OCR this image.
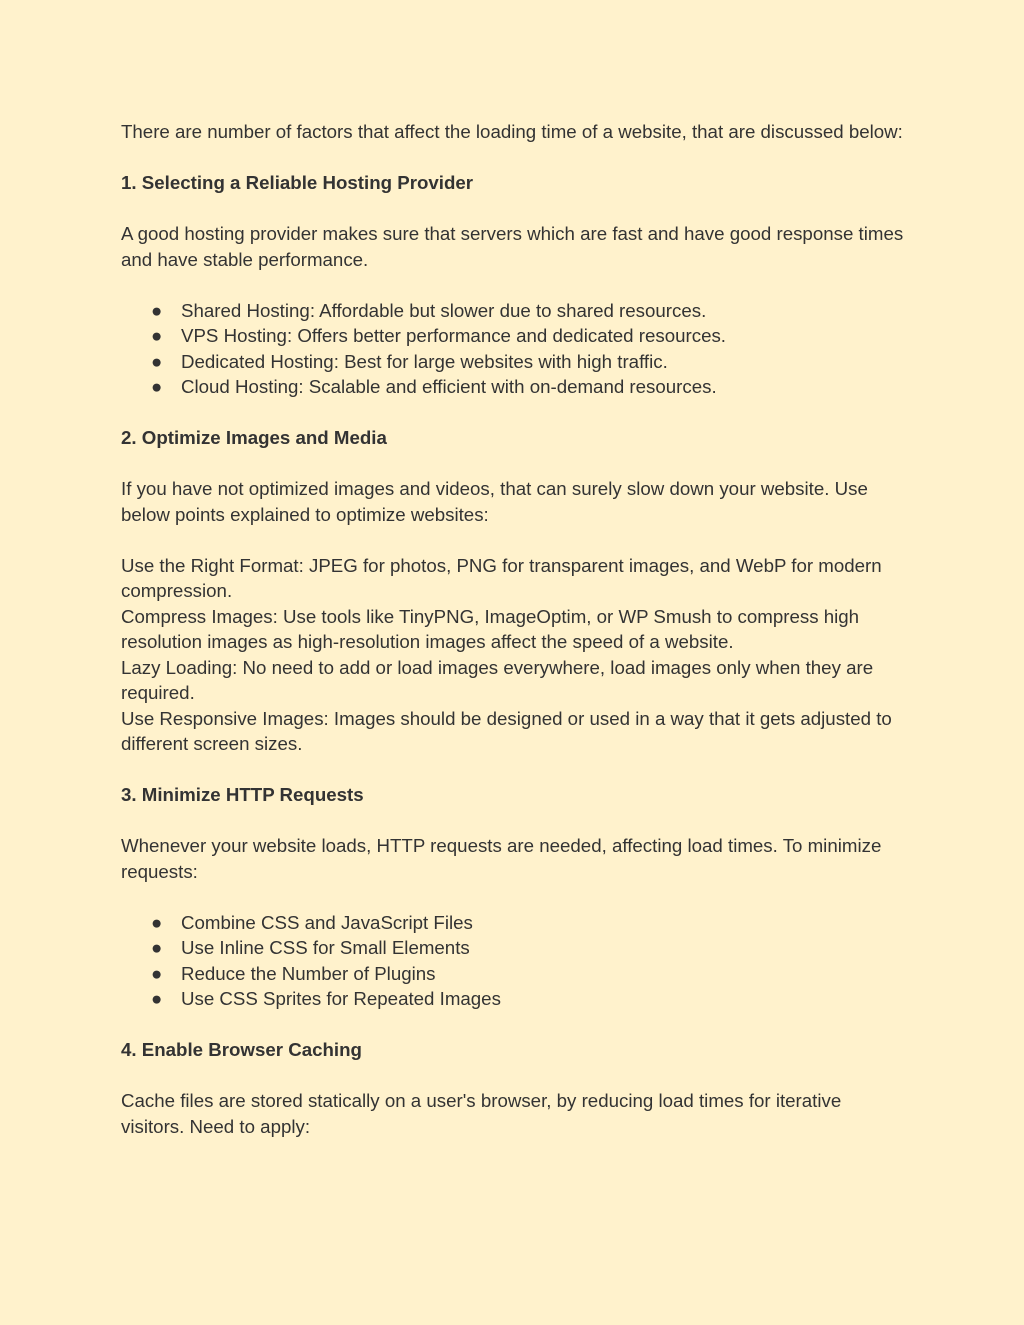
There are number of factors that affect the loading time of a website, that are discussed below:

1. Selecting a Reliable Hosting Provider

A good hosting provider makes sure that servers which are fast and have good response times and have stable performance.

●	Shared Hosting: Affordable but slower due to shared resources.
●	VPS Hosting: Offers better performance and dedicated resources.
●	Dedicated Hosting: Best for large websites with high traffic.
●	Cloud Hosting: Scalable and efficient with on-demand resources.

2. Optimize Images and Media

If you have not optimized images and videos, that can surely slow down your website. Use below points explained to optimize websites:

Use the Right Format: JPEG for photos, PNG for transparent images, and WebP for modern compression.

Compress Images: Use tools like TinyPNG, ImageOptim, or WP Smush to compress high resolution images as high-resolution images affect the speed of a website.

Lazy Loading: No need to add or load images everywhere, load images only when they are required.

Use Responsive Images: Images should be designed or used in a way that it gets adjusted to different screen sizes.

3. Minimize HTTP Requests

Whenever your website loads, HTTP requests are needed, affecting load times. To minimize requests:

●	Combine CSS and JavaScript Files
●	Use Inline CSS for Small Elements
●	Reduce the Number of Plugins
●	Use CSS Sprites for Repeated Images

4. Enable Browser Caching

Cache files are stored statically on a user's browser, by reducing load times for iterative visitors. Need to apply:
